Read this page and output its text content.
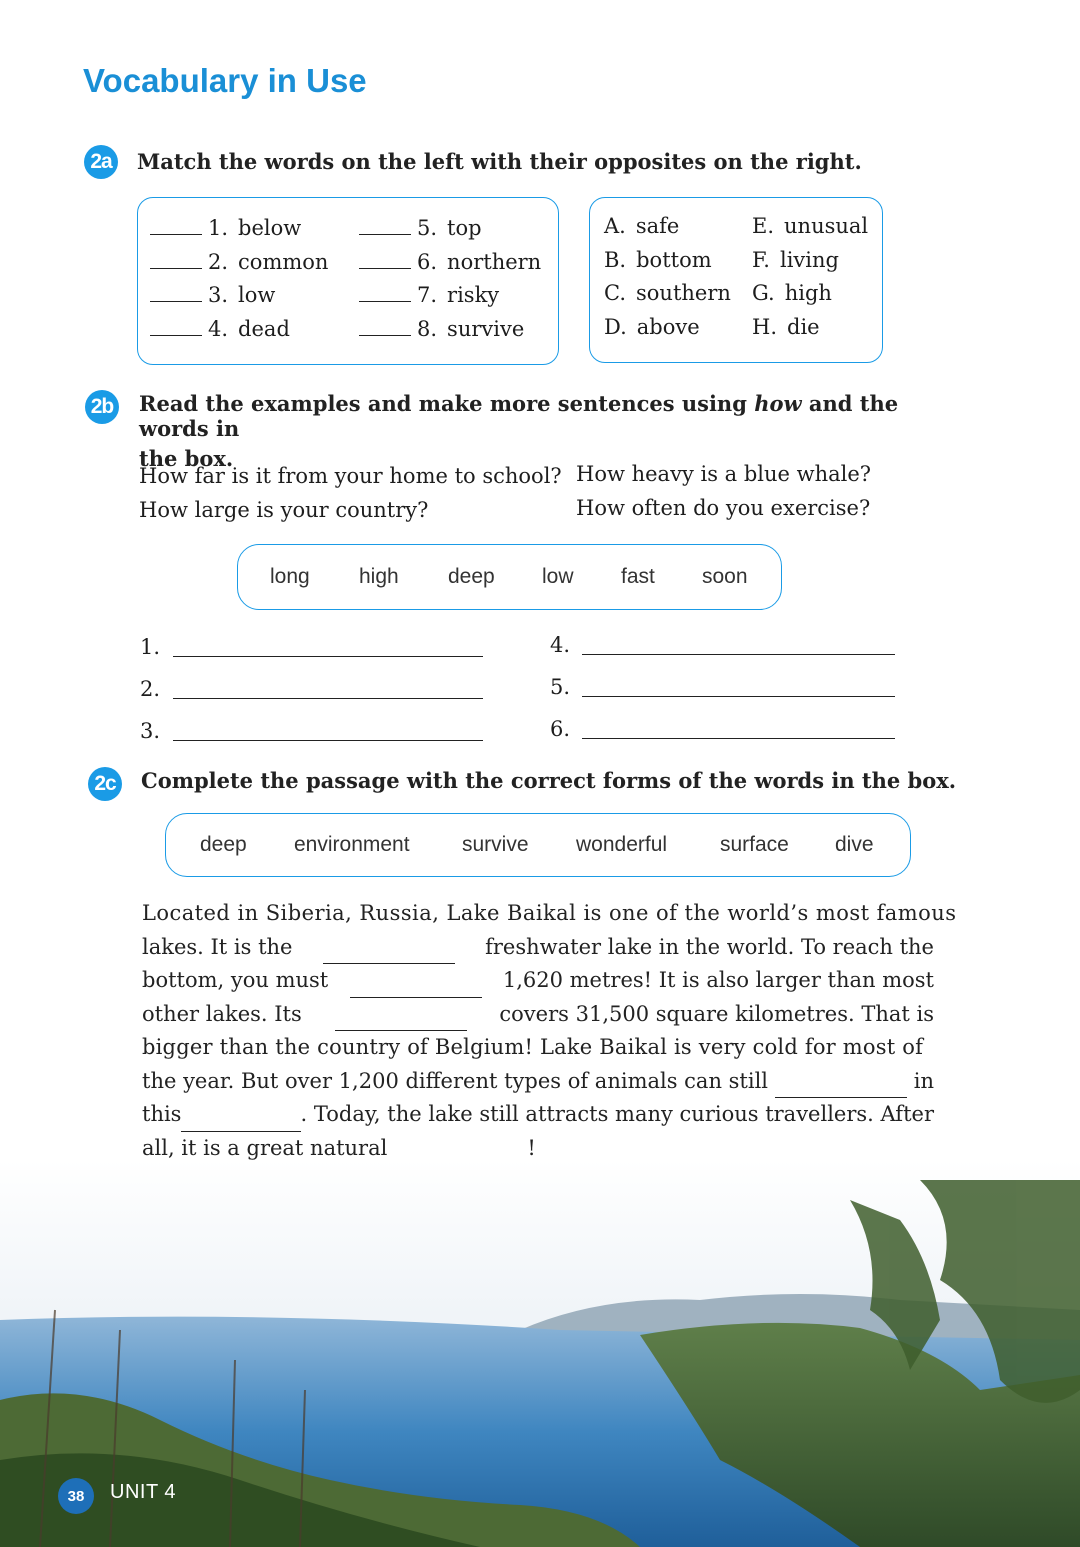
Vocabulary in Use
2a	Match the words on the left with their opposites on the right.
1. below
2. common
3. low
4. dead
5. top
6. northern
7. risky
8. survive
A. safe
B. bottom
C. southern
D. above
E. unusual
F. living
G. high
H. die
2b Read the examples and make more sentences using how and the words in
the box.
How far is it from your home to school? How heavy is a blue whale?
How large is your country?	How often do you exercise?
long high deep low fast soon
1.
2.
3.
4.
5.
6.
2c	Complete the passage with the correct forms of the words in the box.
deep environment survive wonderful	surface dive
Located in Siberia, Russia, Lake Baikal is one of the world’s most famous
lakes. It is the	freshwater lake in the world. To reach the
bottom, you must	1,620 metres! It is also larger than most
other lakes. Its	covers 31,500 square kilometres. That is
bigger than the country of Belgium! Lake Baikal is very cold for most of
the year. But over 1,200 different types of animals can still	in
this	. Today, the lake still attracts many curious travellers. After
all, it is a great natural	!
38	UNIT 4
